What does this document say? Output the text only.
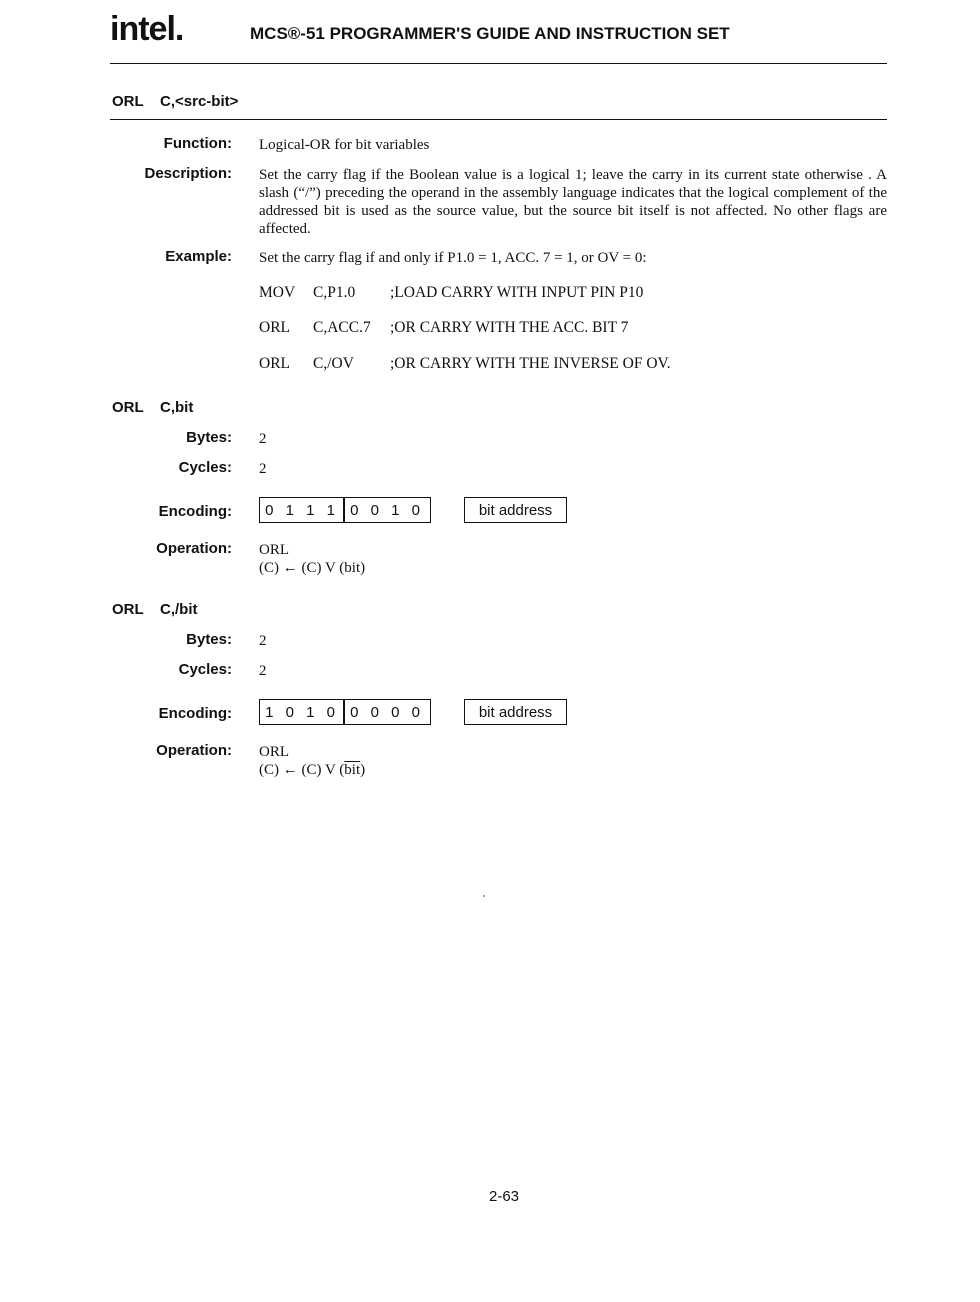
intel.	MCS®-51 PROGRAMMER'S GUIDE AND INSTRUCTION SET
ORL C,<src-bit>
Function: Logical-OR for bit variables
Description: Set the carry flag if the Boolean value is a logical 1; leave the carry in its current state otherwise . A slash (“/”) preceding the operand in the assembly language indicates that the logical complement of the addressed bit is used as the source value, but the source bit itself is not affected. No other flags are affected.
Example: Set the carry flag if and only if P1.0 = 1, ACC. 7 = 1, or OV = 0:
MOV C,P1.0 ;LOAD CARRY WITH INPUT PIN P10
ORL C,ACC.7 ;OR CARRY WITH THE ACC. BIT 7
ORL C,/OV ;OR CARRY WITH THE INVERSE OF OV.
ORL C,bit
Bytes: 2
Cycles: 2
Encoding:	0 1 1 1 0 0 1 0	bit address
Operation: ORL
(C) ← (C) V (bit)
ORL C,/bit
Bytes: 2
Cycles: 2
Encoding:	1 0 1 0 0 0 0 0	bit address
Operation: ORL
(C) ← (C) V $(\overline{bit})$
2-63
